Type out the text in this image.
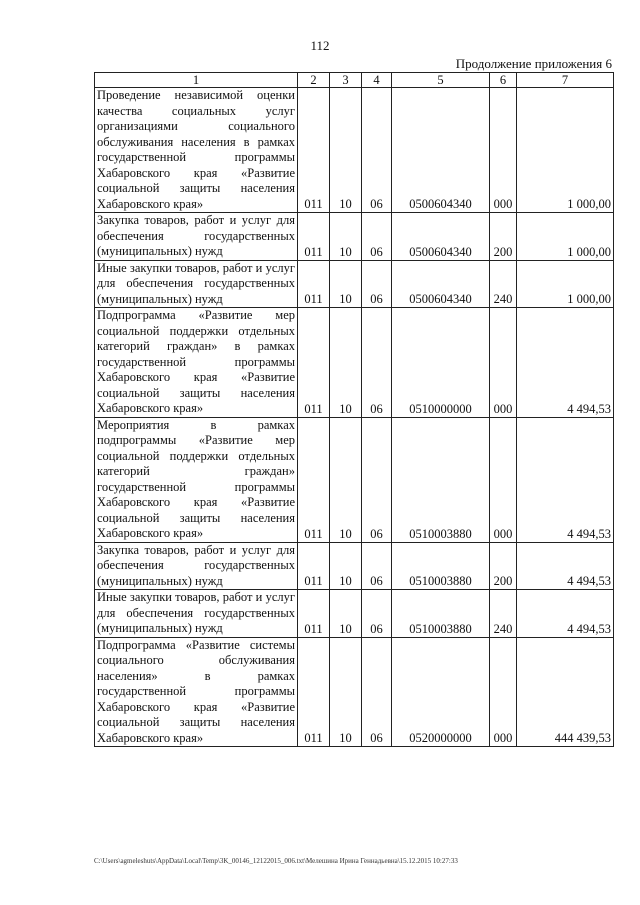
112
Продолжение приложения 6
1	2	3	4	5	6	7
Проведение независимой оценки качества социальных услуг организациями социального обслуживания населения в рамках государственной программы Хабаровского края «Развитие социальной защиты населения Хабаровского края»	011	10	06	0500604340	000	1 000,00
Закупка товаров, работ и услуг для обеспечения государственных (муниципальных) нужд	011	10	06	0500604340	200	1 000,00
Иные закупки товаров, работ и услуг для обеспечения государственных (муниципальных) нужд	011	10	06	0500604340	240	1 000,00
Подпрограмма «Развитие мер социальной поддержки отдельных категорий граждан» в рамках государственной программы Хабаровского края «Развитие социальной защиты населения Хабаровского края»	011	10	06	0510000000	000	4 494,53
Мероприятия в рамках подпрограммы «Развитие мер социальной поддержки отдельных категорий граждан» государственной программы Хабаровского края «Развитие социальной защиты населения Хабаровского края»	011	10	06	0510003880	000	4 494,53
Закупка товаров, работ и услуг для обеспечения государственных (муниципальных) нужд	011	10	06	0510003880	200	4 494,53
Иные закупки товаров, работ и услуг для обеспечения государственных (муниципальных) нужд	011	10	06	0510003880	240	4 494,53
Подпрограмма «Развитие системы социального обслуживания населения» в рамках государственной программы Хабаровского края «Развитие социальной защиты населения Хабаровского края»	011	10	06	0520000000	000	444 439,53
C:\Users\agmeleshuts\AppData\Local\Temp\3K_00146_12122015_006.txt\Мелешина Ирина Геннадьевна\15.12.2015 10:27:33
